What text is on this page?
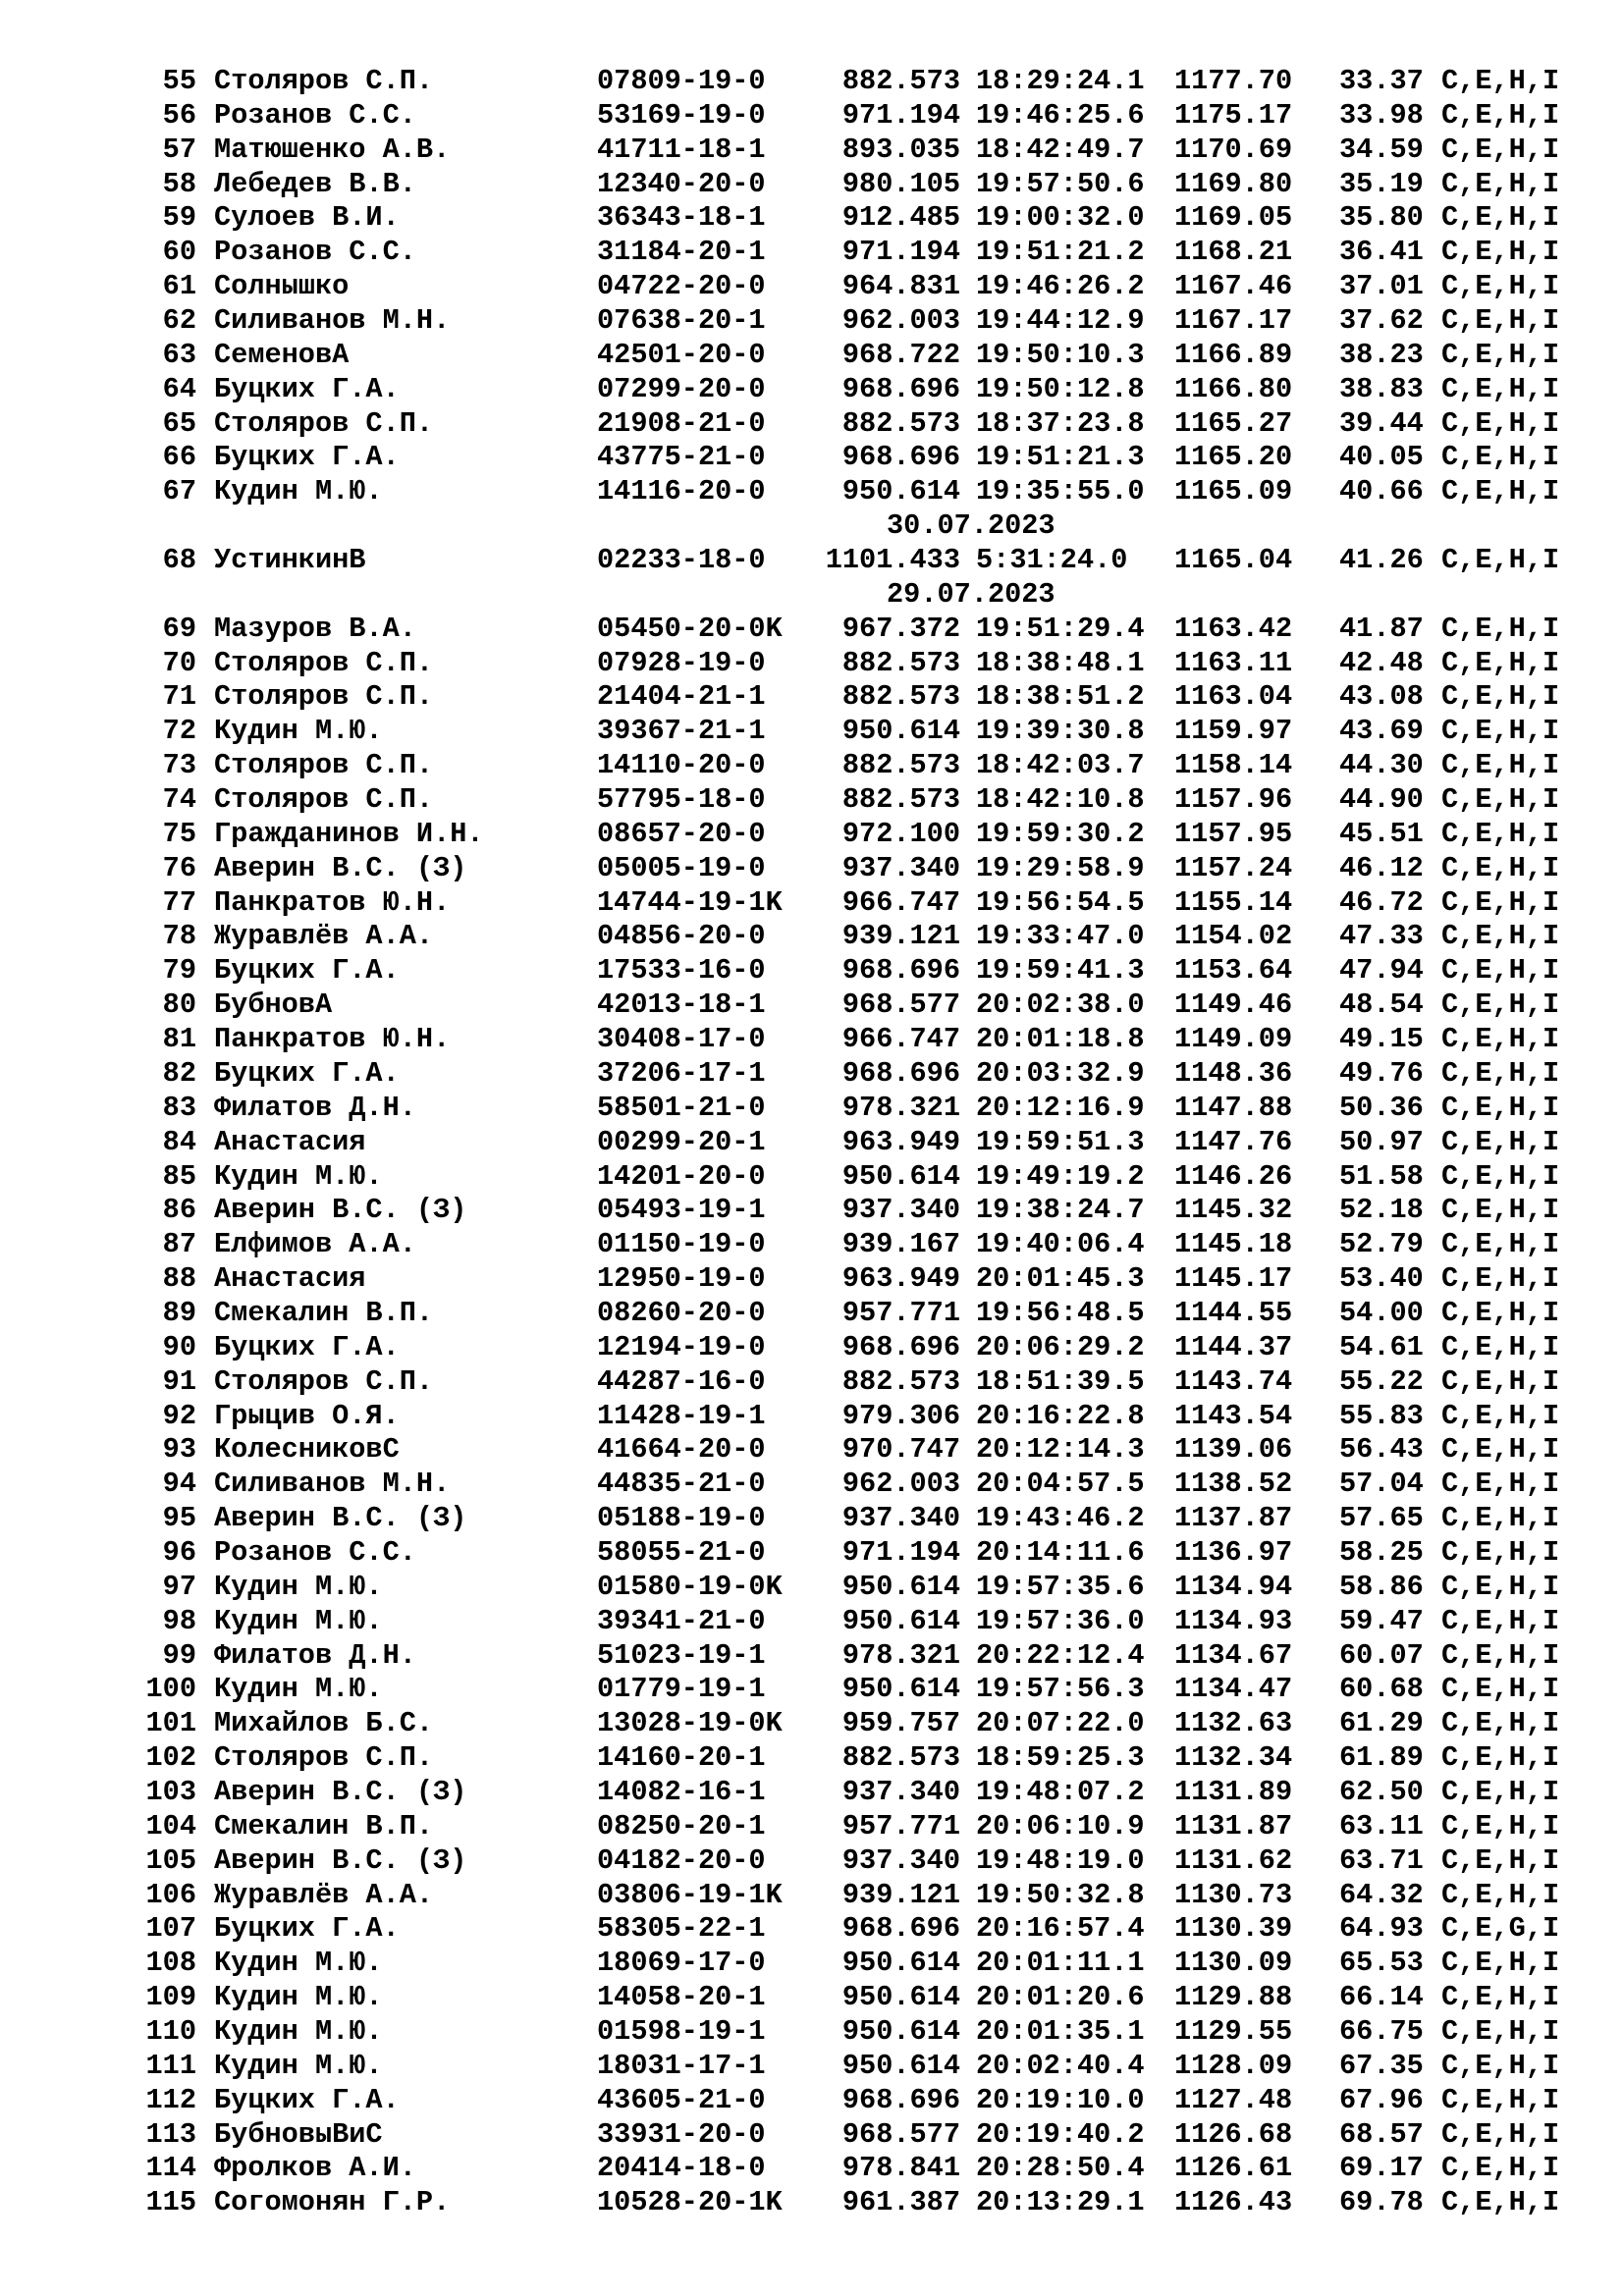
55 Столяров С.П.	07809-19-0	882.573 18:29:24.1 1177.70 33.37 C,E,H,I
56 Розанов С.С.	53169-19-0	971.194 19:46:25.6 1175.17 33.98 C,E,H,I
57 Матюшенко А.В.	41711-18-1	893.035 18:42:49.7 1170.69 34.59 C,E,H,I
58 Лебедев В.В.	12340-20-0	980.105 19:57:50.6 1169.80 35.19 C,E,H,I
59 Сулоев В.И.	36343-18-1	912.485 19:00:32.0 1169.05 35.80 C,E,H,I
60 Розанов С.С.	31184-20-1	971.194 19:51:21.2 1168.21 36.41 C,E,H,I
61 Солнышко	04722-20-0	964.831 19:46:26.2 1167.46 37.01 C,E,H,I
62 Силиванов М.Н.	07638-20-1	962.003 19:44:12.9 1167.17 37.62 C,E,H,I
63 СеменовА	42501-20-0	968.722 19:50:10.3 1166.89 38.23 C,E,H,I
64 Буцких Г.А.	07299-20-0	968.696 19:50:12.8 1166.80 38.83 C,E,H,I
65 Столяров С.П.	21908-21-0	882.573 18:37:23.8 1165.27 39.44 C,E,H,I
66 Буцких Г.А.	43775-21-0	968.696 19:51:21.3 1165.20 40.05 C,E,H,I
67 Кудин М.Ю.	14116-20-0	950.614 19:35:55.0 1165.09 40.66 C,E,H,I
30.07.2023
68 УстинкинВ	02233-18-0 1101.433 5:31:24.0 1165.04 41.26 C,E,H,I
29.07.2023
69 Мазуров В.А.	05450-20-0K 967.372 19:51:29.4 1163.42 41.87 C,E,H,I
70 Столяров С.П.	07928-19-0	882.573 18:38:48.1 1163.11 42.48 C,E,H,I
71 Столяров С.П.	21404-21-1	882.573 18:38:51.2 1163.04 43.08 C,E,H,I
72 Кудин М.Ю.	39367-21-1	950.614 19:39:30.8 1159.97 43.69 C,E,H,I
73 Столяров С.П.	14110-20-0	882.573 18:42:03.7 1158.14 44.30 C,E,H,I
74 Столяров С.П.	57795-18-0	882.573 18:42:10.8 1157.96 44.90 C,E,H,I
75 Гражданинов И.Н.	08657-20-0	972.100 19:59:30.2 1157.95 45.51 C,E,H,I
76 Аверин В.С. (З)	05005-19-0	937.340 19:29:58.9 1157.24 46.12 C,E,H,I
77 Панкратов Ю.Н.	14744-19-1K 966.747 19:56:54.5 1155.14 46.72 C,E,H,I
78 Журавлёв А.А.	04856-20-0	939.121 19:33:47.0 1154.02 47.33 C,E,H,I
79 Буцких Г.А.	17533-16-0	968.696 19:59:41.3 1153.64 47.94 C,E,H,I
80 БубновА	42013-18-1	968.577 20:02:38.0 1149.46 48.54 C,E,H,I
81 Панкратов Ю.Н.	30408-17-0	966.747 20:01:18.8 1149.09 49.15 C,E,H,I
82 Буцких Г.А.	37206-17-1	968.696 20:03:32.9 1148.36 49.76 C,E,H,I
83 Филатов Д.Н.	58501-21-0	978.321 20:12:16.9 1147.88 50.36 C,E,H,I
84 Анастасия	00299-20-1	963.949 19:59:51.3 1147.76 50.97 C,E,H,I
85 Кудин М.Ю.	14201-20-0	950.614 19:49:19.2 1146.26 51.58 C,E,H,I
86 Аверин В.С. (З)	05493-19-1	937.340 19:38:24.7 1145.32 52.18 C,E,H,I
87 Елфимов А.А.	01150-19-0	939.167 19:40:06.4 1145.18 52.79 C,E,H,I
88 Анастасия	12950-19-0	963.949 20:01:45.3 1145.17 53.40 C,E,H,I
89 Смекалин В.П.	08260-20-0	957.771 19:56:48.5 1144.55 54.00 C,E,H,I
90 Буцких Г.А.	12194-19-0	968.696 20:06:29.2 1144.37 54.61 C,E,H,I
91 Столяров С.П.	44287-16-0	882.573 18:51:39.5 1143.74 55.22 C,E,H,I
92 Грыцив О.Я.	11428-19-1	979.306 20:16:22.8 1143.54 55.83 C,E,H,I
93 КолесниковС	41664-20-0	970.747 20:12:14.3 1139.06 56.43 C,E,H,I
94 Силиванов М.Н.	44835-21-0	962.003 20:04:57.5 1138.52 57.04 C,E,H,I
95 Аверин В.С. (З)	05188-19-0	937.340 19:43:46.2 1137.87 57.65 C,E,H,I
96 Розанов С.С.	58055-21-0	971.194 20:14:11.6 1136.97 58.25 C,E,H,I
97 Кудин М.Ю.	01580-19-0K 950.614 19:57:35.6 1134.94 58.86 C,E,H,I
98 Кудин М.Ю.	39341-21-0	950.614 19:57:36.0 1134.93 59.47 C,E,H,I
99 Филатов Д.Н.	51023-19-1	978.321 20:22:12.4 1134.67 60.07 C,E,H,I
100 Кудин М.Ю.	01779-19-1	950.614 19:57:56.3 1134.47 60.68 C,E,H,I
101 Михайлов Б.С.	13028-19-0K 959.757 20:07:22.0 1132.63 61.29 C,E,H,I
102 Столяров С.П.	14160-20-1	882.573 18:59:25.3 1132.34 61.89 C,E,H,I
103 Аверин В.С. (З)	14082-16-1	937.340 19:48:07.2 1131.89 62.50 C,E,H,I
104 Смекалин В.П.	08250-20-1	957.771 20:06:10.9 1131.87 63.11 C,E,H,I
105 Аверин В.С. (З)	04182-20-0	937.340 19:48:19.0 1131.62 63.71 C,E,H,I
106 Журавлёв А.А.	03806-19-1K 939.121 19:50:32.8 1130.73 64.32 C,E,H,I
107 Буцких Г.А.	58305-22-1	968.696 20:16:57.4 1130.39 64.93 C,E,G,I
108 Кудин М.Ю.	18069-17-0	950.614 20:01:11.1 1130.09 65.53 C,E,H,I
109 Кудин М.Ю.	14058-20-1	950.614 20:01:20.6 1129.88 66.14 C,E,H,I
110 Кудин М.Ю.	01598-19-1	950.614 20:01:35.1 1129.55 66.75 C,E,H,I
111 Кудин М.Ю.	18031-17-1	950.614 20:02:40.4 1128.09 67.35 C,E,H,I
112 Буцких Г.А.	43605-21-0	968.696 20:19:10.0 1127.48 67.96 C,E,H,I
113 БубновыВиС	33931-20-0	968.577 20:19:40.2 1126.68 68.57 C,E,H,I
114 Фролков А.И.	20414-18-0	978.841 20:28:50.4 1126.61 69.17 C,E,H,I
115 Согомонян Г.Р.	10528-20-1K 961.387 20:13:29.1 1126.43 69.78 C,E,H,I
